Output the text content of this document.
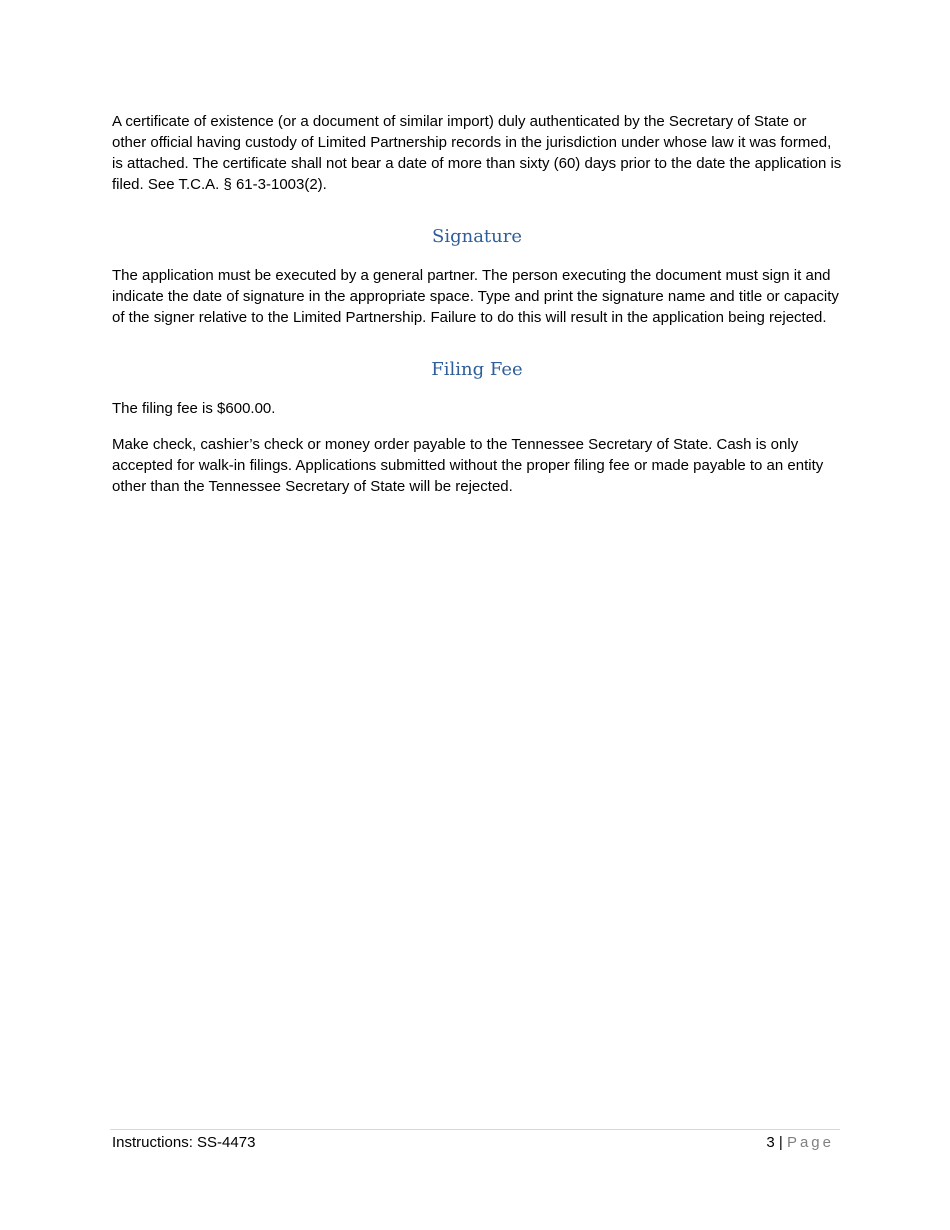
A certificate of existence (or a document of similar import) duly authenticated by the Secretary of State or other official having custody of Limited Partnership records in the jurisdiction under whose law it was formed, is attached. The certificate shall not bear a date of more than sixty (60) days prior to the date the application is filed. See T.C.A. § 61-3-1003(2).

Signature

The application must be executed by a general partner. The person executing the document must sign it and indicate the date of signature in the appropriate space. Type and print the signature name and title or capacity of the signer relative to the Limited Partnership. Failure to do this will result in the application being rejected.

Filing Fee

The filing fee is $600.00.

Make check, cashier’s check or money order payable to the Tennessee Secretary of State. Cash is only accepted for walk-in filings. Applications submitted without the proper filing fee or made payable to an entity other than the Tennessee Secretary of State will be rejected.

Instructions: SS-4473	3 | Page
